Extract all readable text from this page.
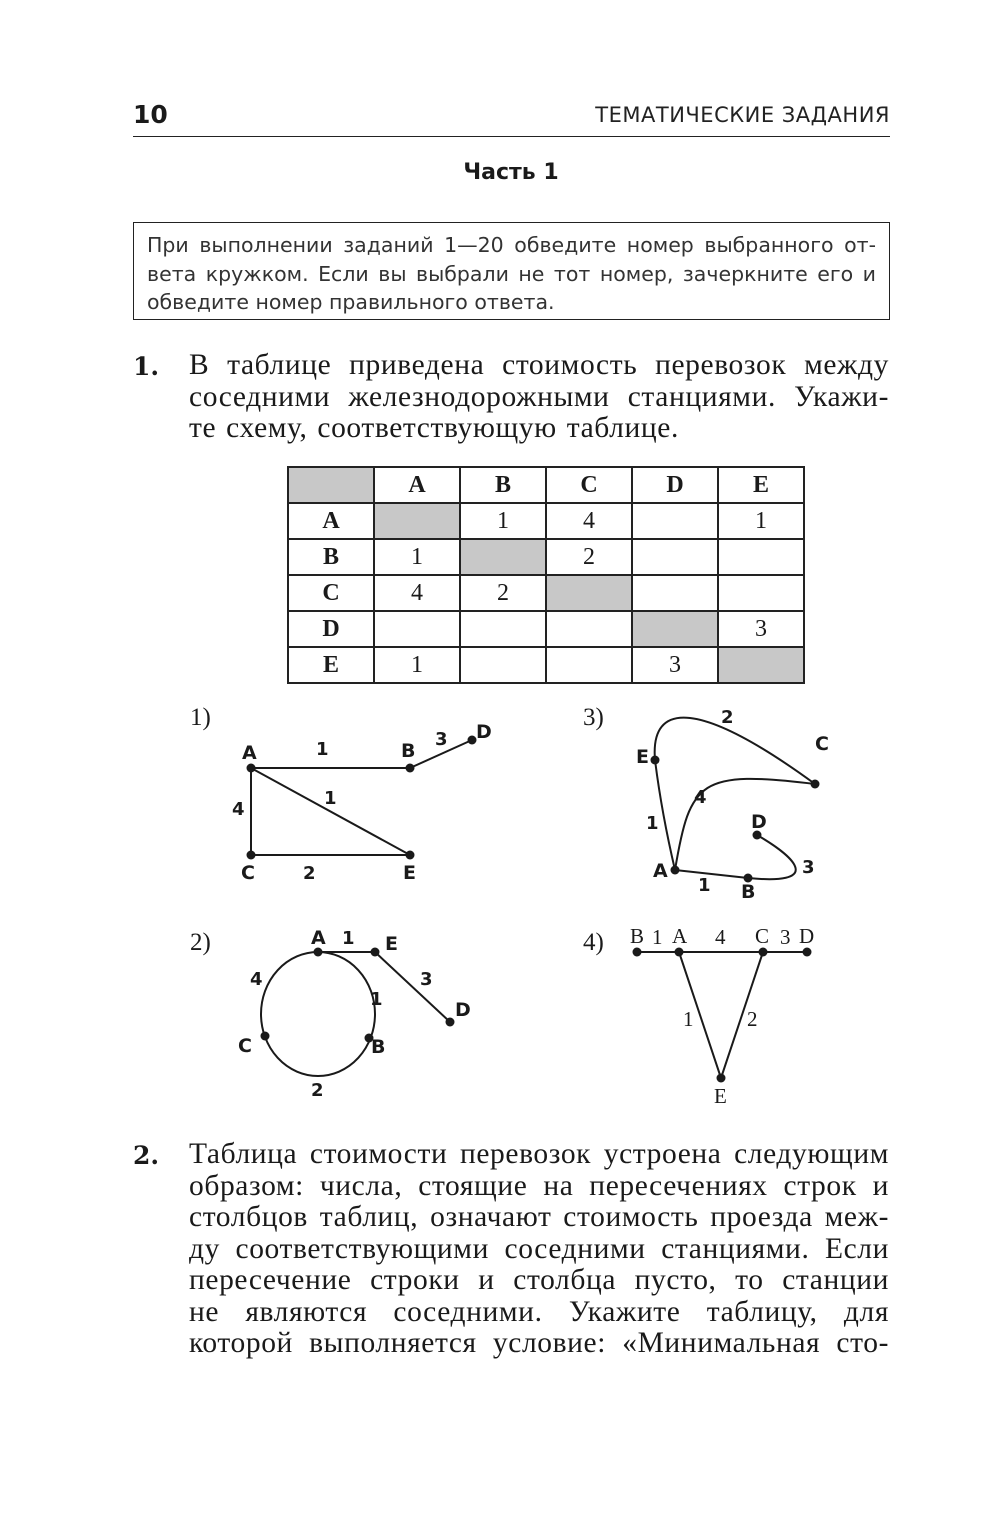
10	ТЕМАТИЧЕСКИЕ ЗАДАНИЯ
Часть 1
При выполнении заданий 1—20 обведите номер выбранного от-
вета кружком. Если вы выбрали не тот номер, зачеркните его и
обведите номер правильного ответа.
1. В таблице приведена стоимость перевозок между
соседними железнодорожными станциями. Укажи-
те схему, соответствующую таблице.
	A	B	C	D	E
A		1	4		1
B	1		2		
C	4	2			
D					3
E	1			3	
1)
A	B
D
C	E
1	3
4
1
2
A	E
D
C	B
1
4
1
3
2
E
C
A
B
D
2
4
1
1
3
B A	C D
E
1	4	3
1	2
3)
2)	4)
2. Таблица стоимости перевозок устроена следующим
образом: числа, стоящие на пересечениях строк и
столбцов таблиц, означают стоимость проезда меж-
ду соответствующими соседними станциями. Если
пересечение строки и столбца пусто, то станции
не являются соседними. Укажите таблицу, для
которой выполняется условие: «Минимальная сто-
